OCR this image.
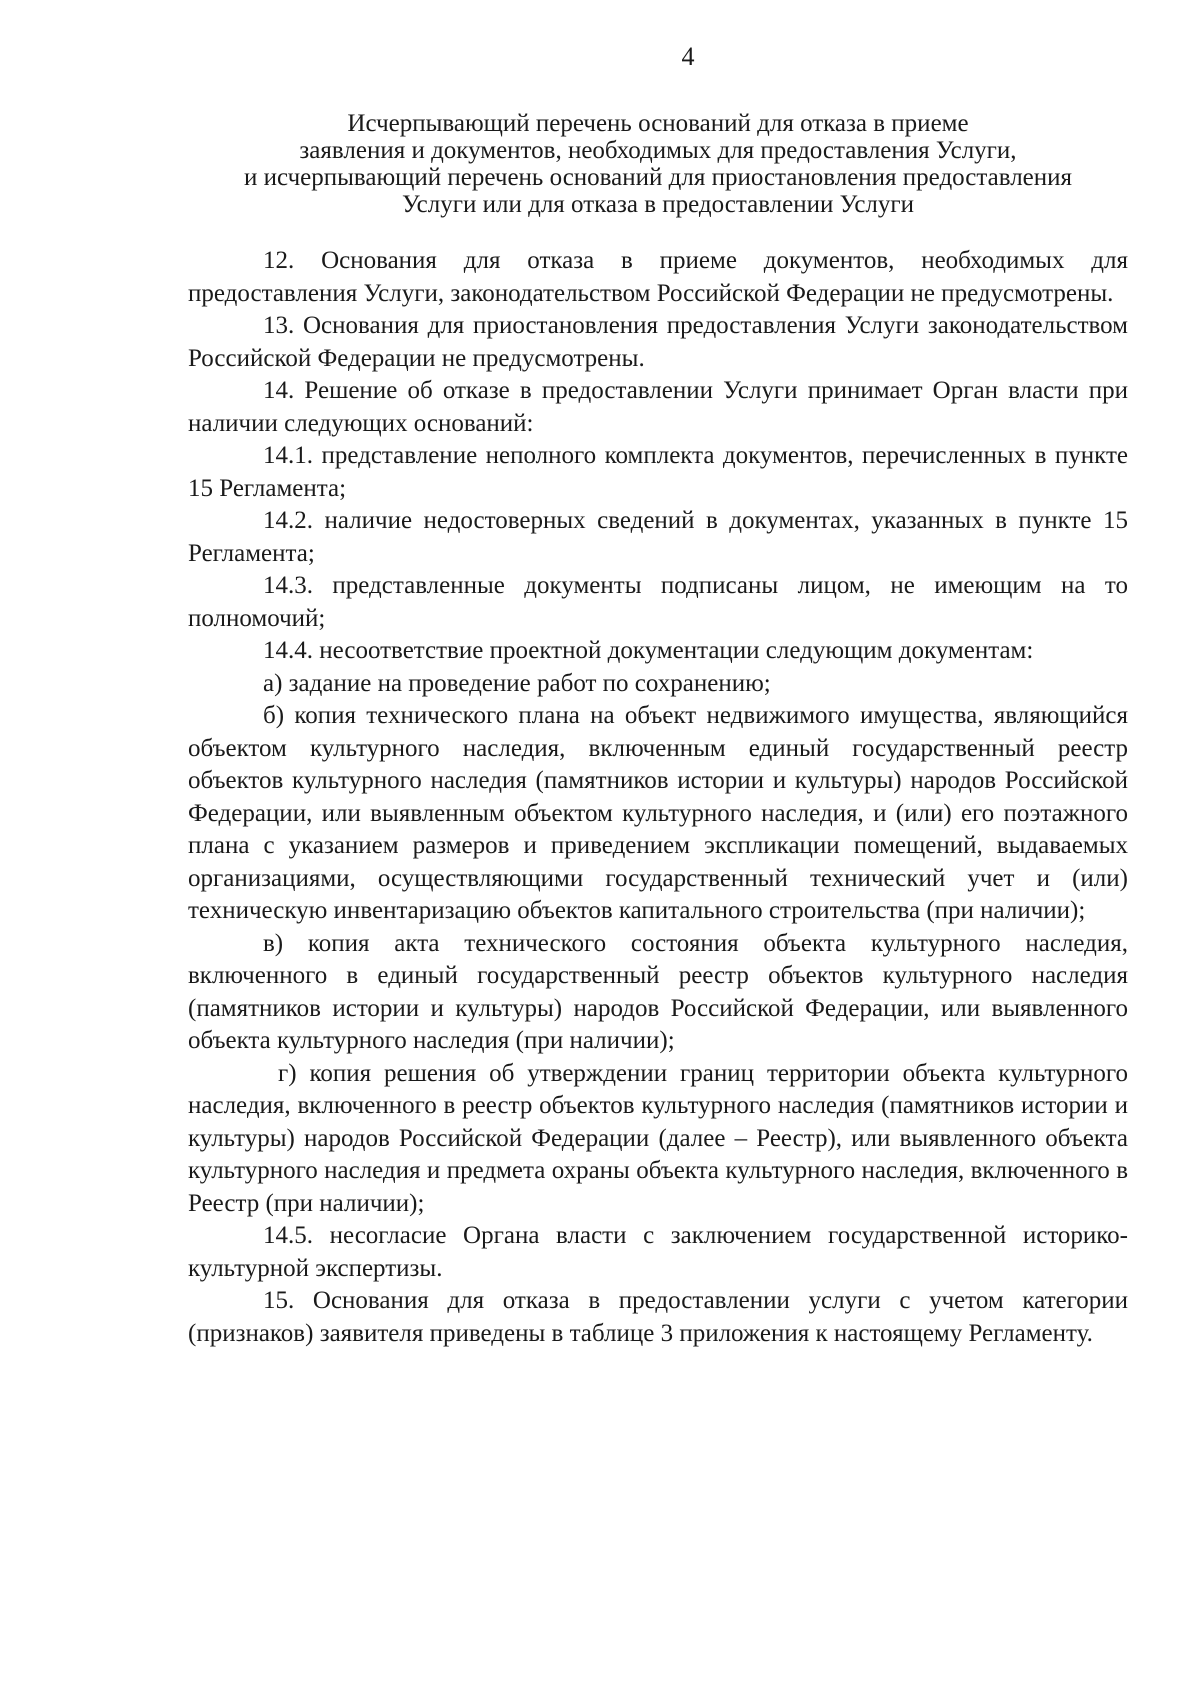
4
Исчерпывающий перечень оснований для отказа в приеме
заявления и документов, необходимых для предоставления Услуги,
и исчерпывающий перечень оснований для приостановления предоставления
Услуги или для отказа в предоставлении Услуги

12. Основания для отказа в приеме документов, необходимых для предоставления Услуги, законодательством Российской Федерации не предусмотрены.

13. Основания для приостановления предоставления Услуги законодательством Российской Федерации не предусмотрены.

14. Решение об отказе в предоставлении Услуги принимает Орган власти при наличии следующих оснований:

14.1. представление неполного комплекта документов, перечисленных в пункте 15 Регламента;

14.2. наличие недостоверных сведений в документах, указанных в пункте 15 Регламента;

14.3. представленные документы подписаны лицом, не имеющим на то полномочий;

14.4. несоответствие проектной документации следующим документам:

а) задание на проведение работ по сохранению;

б) копия технического плана на объект недвижимого имущества, являющийся объектом культурного наследия, включенным единый государственный реестр объектов культурного наследия (памятников истории и культуры) народов Российской Федерации, или выявленным объектом культурного наследия, и (или) его поэтажного плана с указанием размеров и приведением экспликации помещений, выдаваемых организациями, осуществляющими государственный технический учет и (или) техническую инвентаризацию объектов капитального строительства (при наличии);

в) копия акта технического состояния объекта культурного наследия, включенного в единый государственный реестр объектов культурного наследия (памятников истории и культуры) народов Российской Федерации, или выявленного объекта культурного наследия (при наличии);

г) копия решения об утверждении границ территории объекта культурного наследия, включенного в реестр объектов культурного наследия (памятников истории и культуры) народов Российской Федерации (далее – Реестр), или выявленного объекта культурного наследия и предмета охраны объекта культурного наследия, включенного в Реестр (при наличии);

14.5. несогласие Органа власти с заключением государственной историко-культурной экспертизы.

15. Основания для отказа в предоставлении услуги с учетом категории (признаков) заявителя приведены в таблице 3 приложения к настоящему Регламенту.
